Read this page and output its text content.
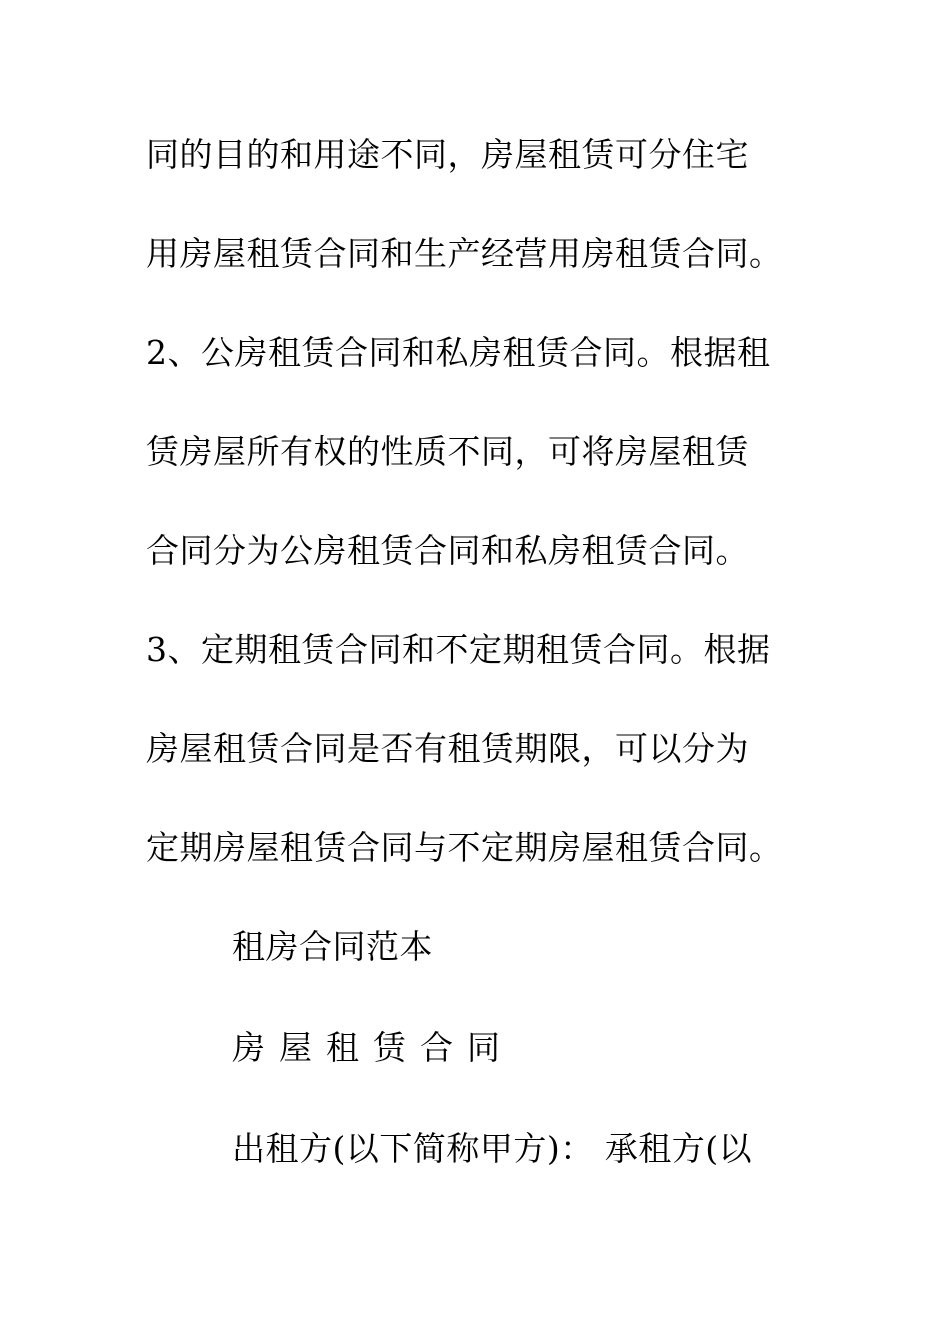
同的目的和用途不同，房屋租赁可分住宅
用房屋租赁合同和生产经营用房租赁合同。
2、公房租赁合同和私房租赁合同。根据租
赁房屋所有权的性质不同，可将房屋租赁
合同分为公房租赁合同和私房租赁合同。
3、定期租赁合同和不定期租赁合同。根据
房屋租赁合同是否有租赁期限，可以分为
定期房屋租赁合同与不定期房屋租赁合同。
租房合同范本
房屋租赁合同
出租方(以下简称甲方)： 承租方(以
